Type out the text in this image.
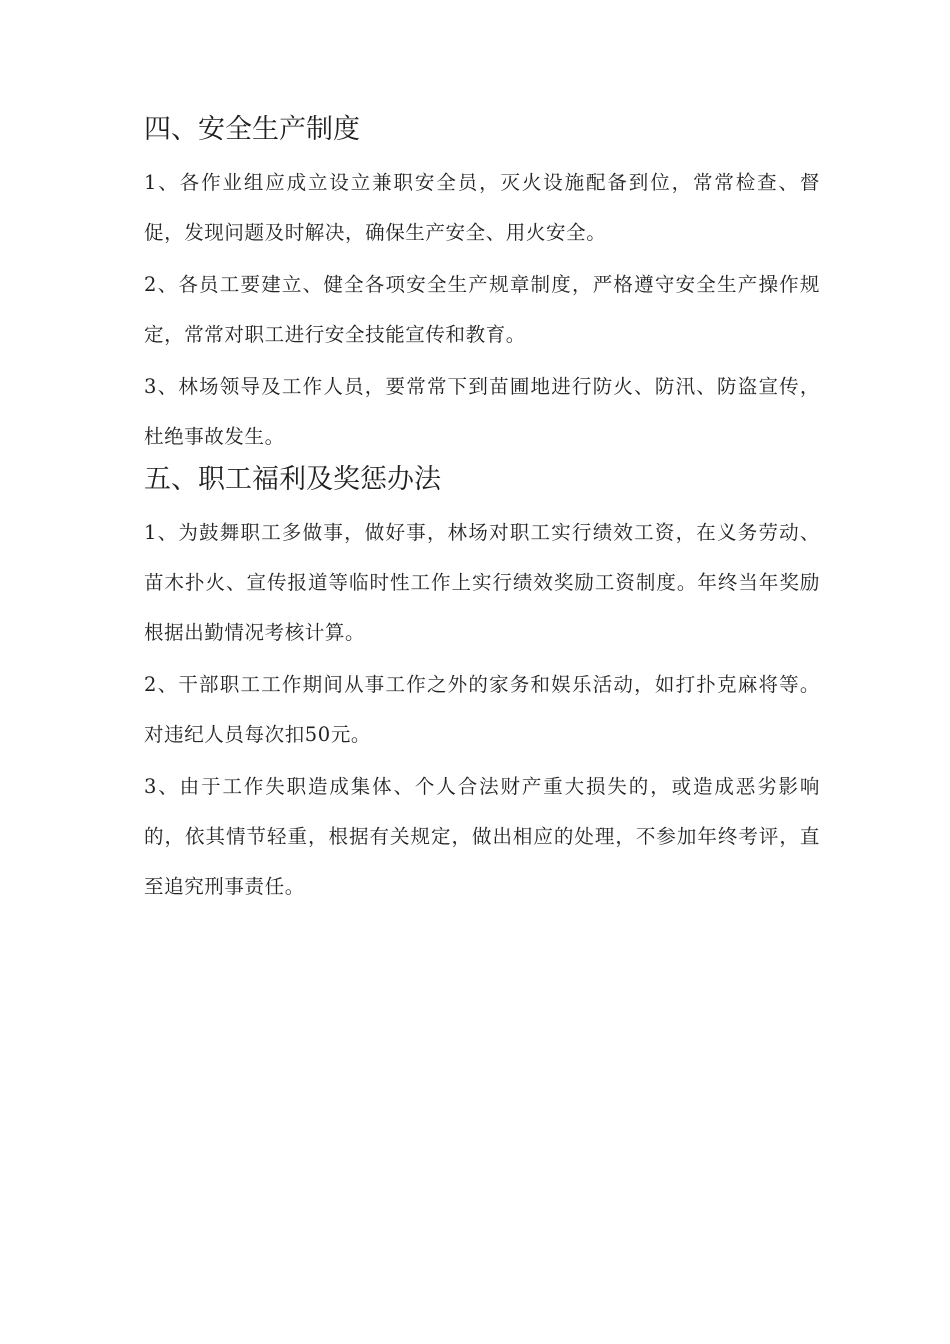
四、安全生产制度

1、各作业组应成立设立兼职安全员，灭火设施配备到位，常常检查、督促，发现问题及时解决，确保生产安全、用火安全。

2、各员工要建立、健全各项安全生产规章制度，严格遵守安全生产操作规定，常常对职工进行安全技能宣传和教育。

3、林场领导及工作人员，要常常下到苗圃地进行防火、防汛、防盗宣传，杜绝事故发生。

五、职工福利及奖惩办法

1、为鼓舞职工多做事，做好事，林场对职工实行绩效工资，在义务劳动、苗木扑火、宣传报道等临时性工作上实行绩效奖励工资制度。年终当年奖励根据出勤情况考核计算。

2、干部职工工作期间从事工作之外的家务和娱乐活动，如打扑克麻将等。对违纪人员每次扣50元。

3、由于工作失职造成集体、个人合法财产重大损失的，或造成恶劣影响的，依其情节轻重，根据有关规定，做出相应的处理，不参加年终考评，直至追究刑事责任。
